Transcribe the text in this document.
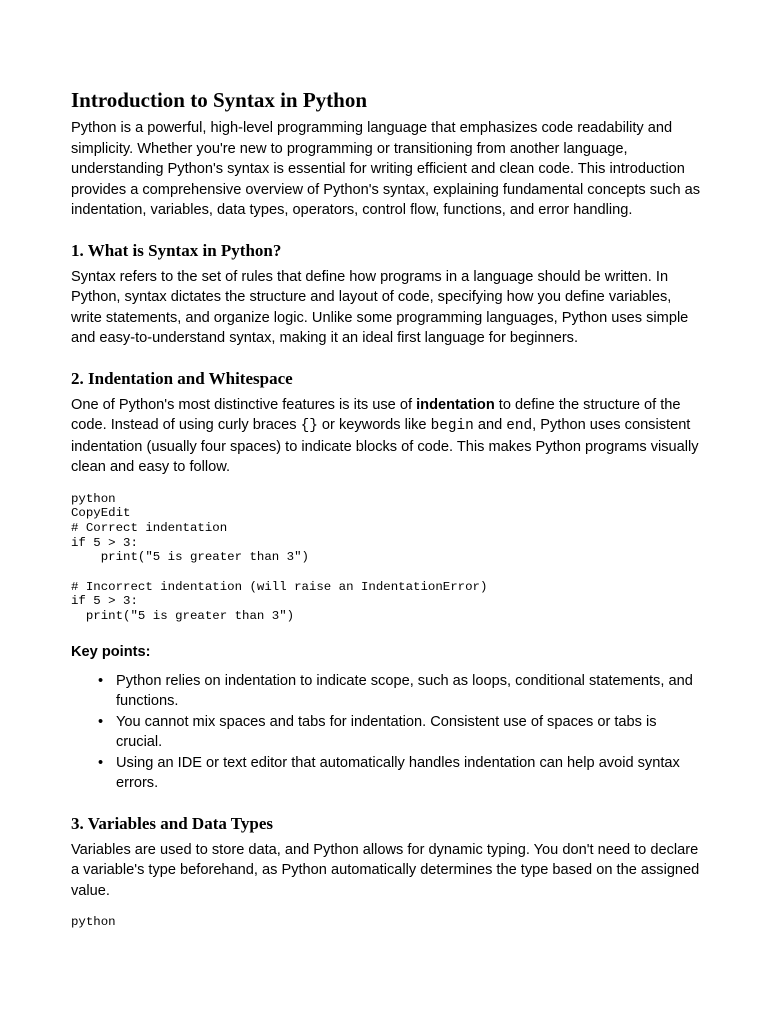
Introduction to Syntax in Python

Python is a powerful, high-level programming language that emphasizes code readability and simplicity. Whether you're new to programming or transitioning from another language, understanding Python's syntax is essential for writing efficient and clean code. This introduction provides a comprehensive overview of Python's syntax, explaining fundamental concepts such as indentation, variables, data types, operators, control flow, functions, and error handling.

1. What is Syntax in Python?

Syntax refers to the set of rules that define how programs in a language should be written. In Python, syntax dictates the structure and layout of code, specifying how you define variables, write statements, and organize logic. Unlike some programming languages, Python uses simple and easy-to-understand syntax, making it an ideal first language for beginners.

2. Indentation and Whitespace

One of Python's most distinctive features is its use of indentation to define the structure of the code. Instead of using curly braces {} or keywords like begin and end, Python uses consistent indentation (usually four spaces) to indicate blocks of code. This makes Python programs visually clean and easy to follow.

python
CopyEdit
# Correct indentation
if 5 > 3:
print("5 is greater than 3")

# Incorrect indentation (will raise an IndentationError)
if 5 > 3:
print("5 is greater than 3")

Key points:

• Python relies on indentation to indicate scope, such as loops, conditional statements, and functions.
• You cannot mix spaces and tabs for indentation. Consistent use of spaces or tabs is crucial.
• Using an IDE or text editor that automatically handles indentation can help avoid syntax errors.
3. Variables and Data Types

Variables are used to store data, and Python allows for dynamic typing. You don't need to declare a variable's type beforehand, as Python automatically determines the type based on the assigned value.

python
